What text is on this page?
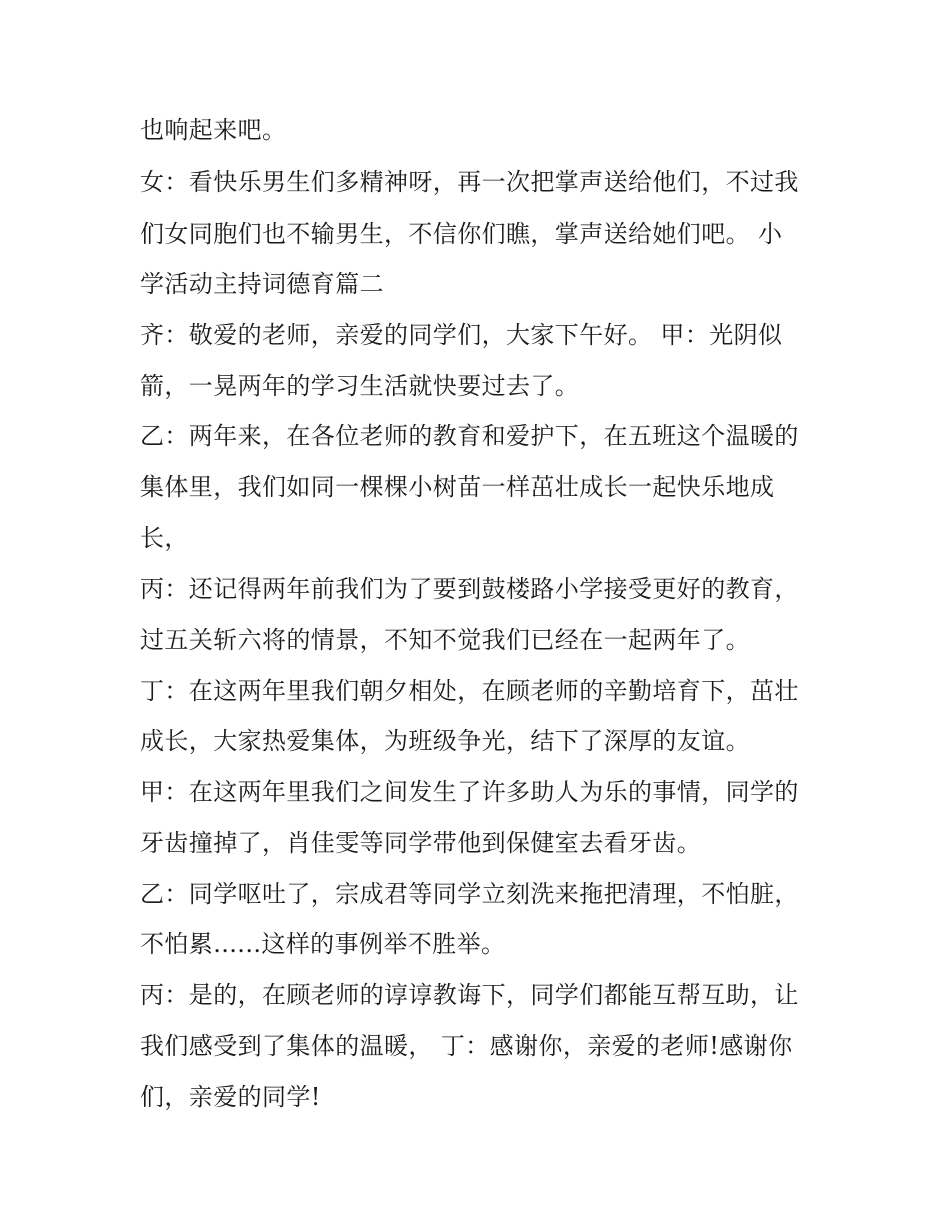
也响起来吧。
女：看快乐男生们多精神呀，再一次把掌声送给他们，不过我
们女同胞们也不输男生，不信你们瞧，掌声送给她们吧。 小
学活动主持词德育篇二
齐：敬爱的老师，亲爱的同学们，大家下午好。 甲：光阴似
箭，一晃两年的学习生活就快要过去了。
乙：两年来，在各位老师的教育和爱护下，在五班这个温暖的
集体里，我们如同一棵棵小树苗一样茁壮成长一起快乐地成
长，
丙：还记得两年前我们为了要到鼓楼路小学接受更好的教育，
过五关斩六将的情景，不知不觉我们已经在一起两年了。
丁：在这两年里我们朝夕相处，在顾老师的辛勤培育下，茁壮
成长，大家热爱集体，为班级争光，结下了深厚的友谊。
甲：在这两年里我们之间发生了许多助人为乐的事情，同学的
牙齿撞掉了，肖佳雯等同学带他到保健室去看牙齿。
乙：同学呕吐了，宗成君等同学立刻洗来拖把清理，不怕脏，
不怕累......这样的事例举不胜举。
丙：是的，在顾老师的谆谆教诲下，同学们都能互帮互助，让
我们感受到了集体的温暖， 丁：感谢你，亲爱的老师!感谢你
们，亲爱的同学!
